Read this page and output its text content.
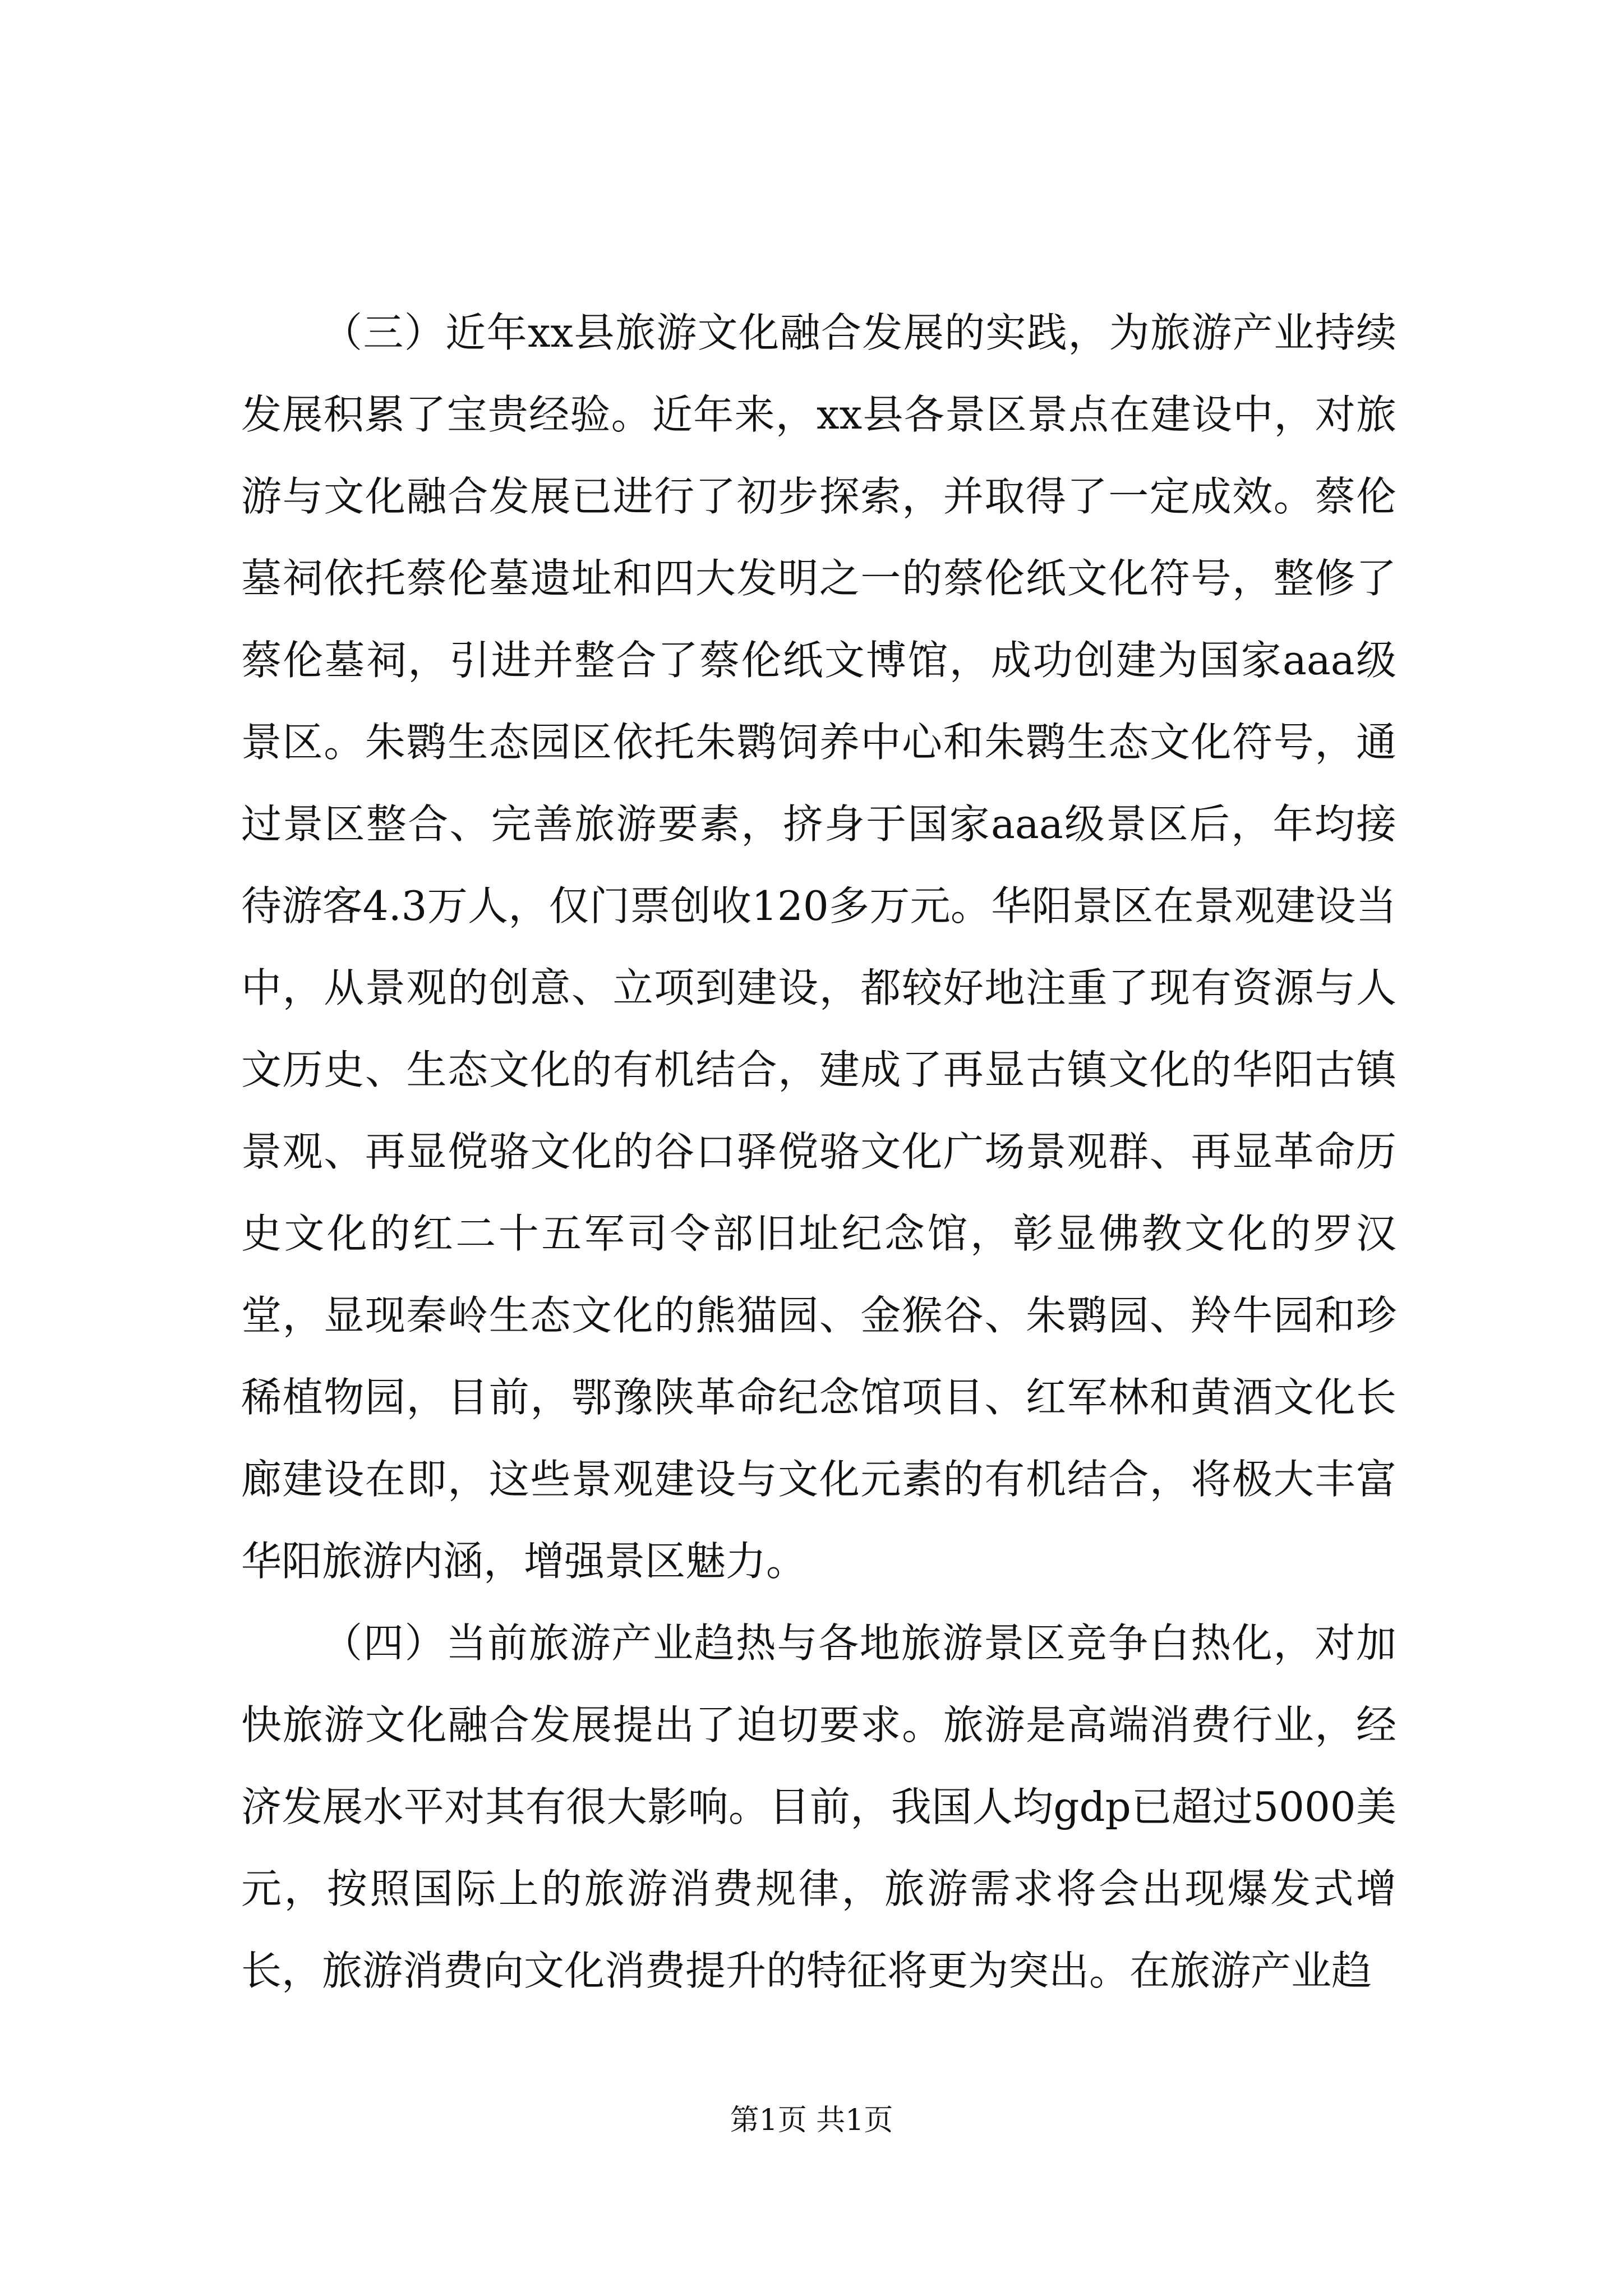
（三）近年xx县旅游文化融合发展的实践，为旅游产业持续发展积累了宝贵经验。近年来，xx县各景区景点在建设中，对旅游与文化融合发展已进行了初步探索，并取得了一定成效。蔡伦墓祠依托蔡伦墓遗址和四大发明之一的蔡伦纸文化符号，整修了蔡伦墓祠，引进并整合了蔡伦纸文博馆，成功创建为国家aaa级景区。朱鹮生态园区依托朱鹮饲养中心和朱鹮生态文化符号，通过景区整合、完善旅游要素，挤身于国家aaa级景区后，年均接待游客4.3万人，仅门票创收120多万元。华阳景区在景观建设当中，从景观的创意、立项到建设，都较好地注重了现有资源与人文历史、生态文化的有机结合，建成了再显古镇文化的华阳古镇景观、再显傥骆文化的谷口驿傥骆文化广场景观群、再显革命历史文化的红二十五军司令部旧址纪念馆，彰显佛教文化的罗汉堂，显现秦岭生态文化的熊猫园、金猴谷、朱鹮园、羚牛园和珍稀植物园，目前，鄂豫陕革命纪念馆项目、红军林和黄酒文化长廊建设在即，这些景观建设与文化元素的有机结合，将极大丰富华阳旅游内涵，增强景区魅力。

（四）当前旅游产业趋热与各地旅游景区竞争白热化，对加快旅游文化融合发展提出了迫切要求。旅游是高端消费行业，经济发展水平对其有很大影响。目前，我国人均gdp已超过5000美元，按照国际上的旅游消费规律，旅游需求将会出现爆发式增长，旅游消费向文化消费提升的特征将更为突出。在旅游产业趋

第1页 共1页
